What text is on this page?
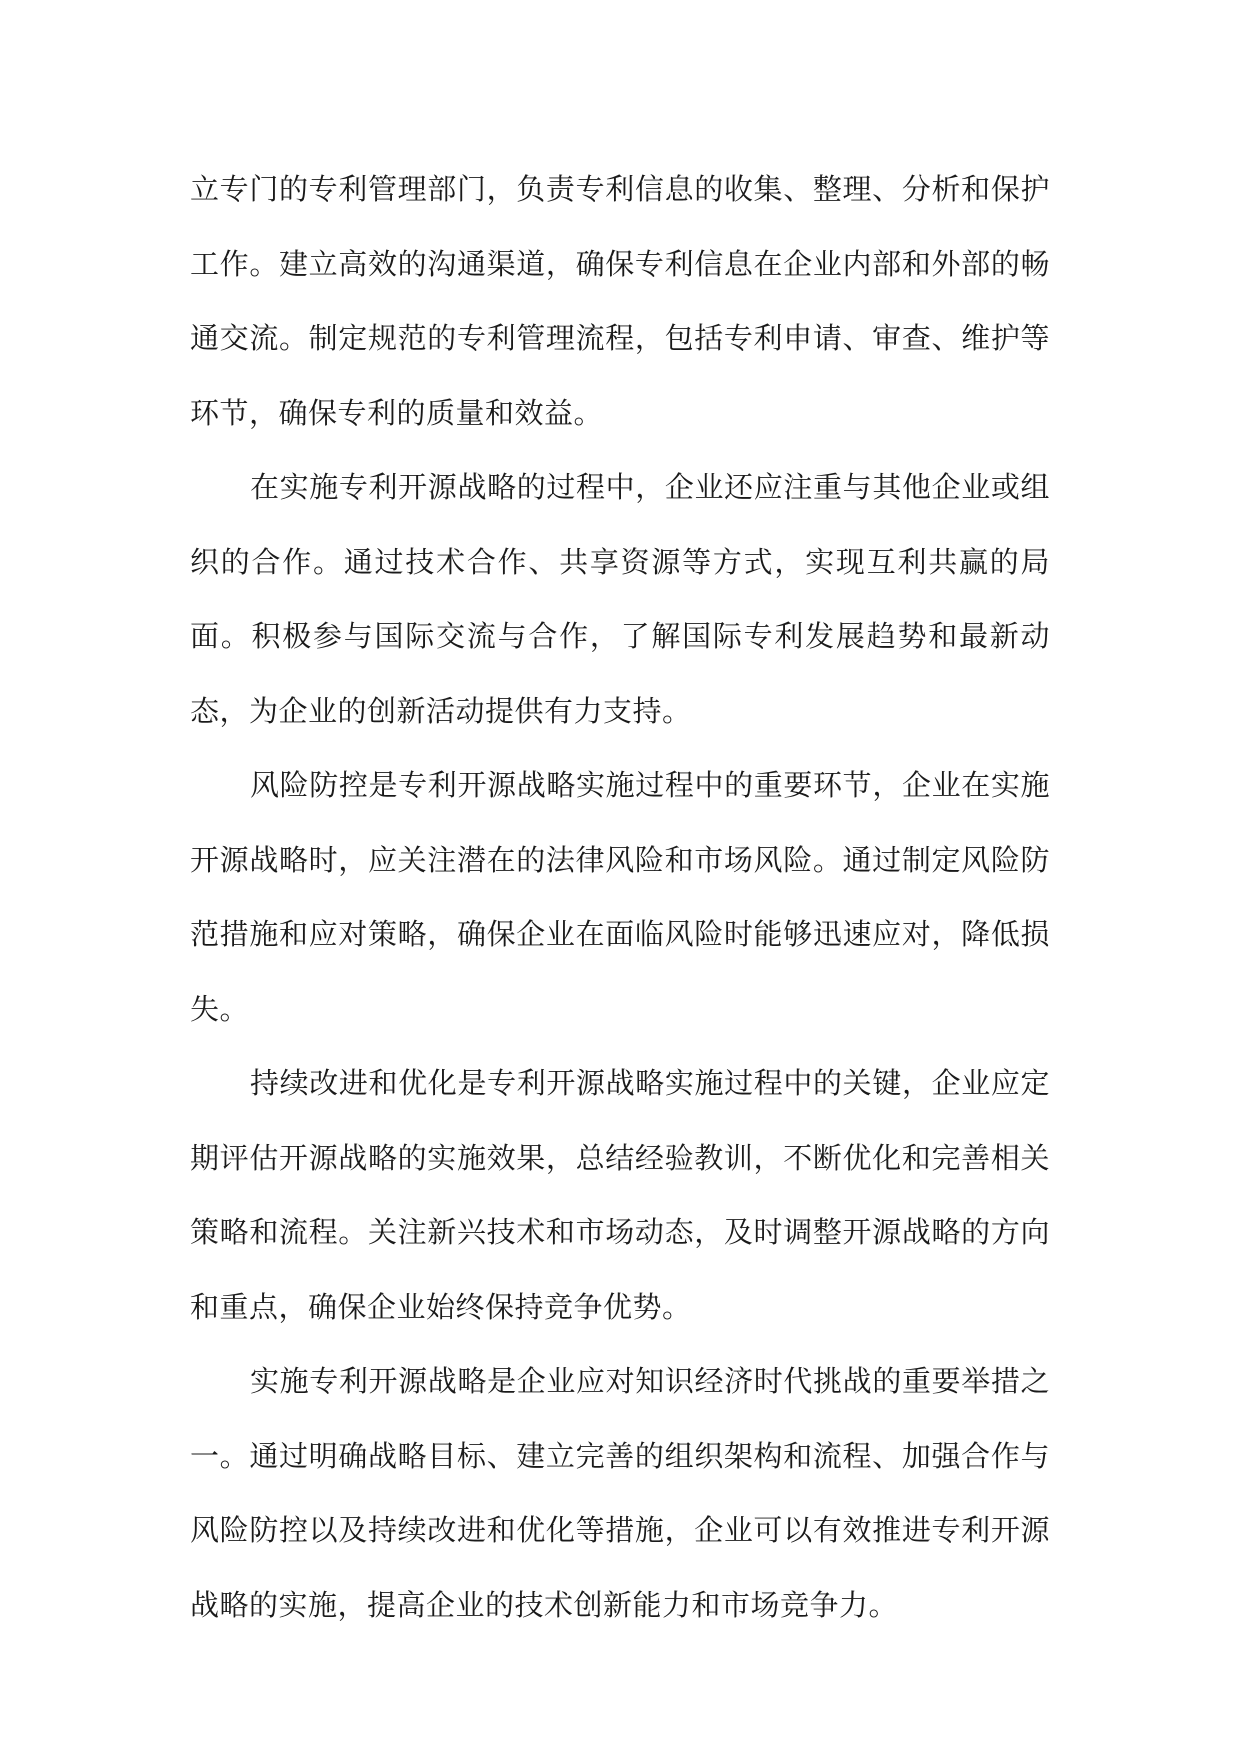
立专门的专利管理部门，负责专利信息的收集、整理、分析和保护工作。建立高效的沟通渠道，确保专利信息在企业内部和外部的畅通交流。制定规范的专利管理流程，包括专利申请、审查、维护等环节，确保专利的质量和效益。

在实施专利开源战略的过程中，企业还应注重与其他企业或组织的合作。通过技术合作、共享资源等方式，实现互利共赢的局面。积极参与国际交流与合作，了解国际专利发展趋势和最新动态，为企业的创新活动提供有力支持。

风险防控是专利开源战略实施过程中的重要环节，企业在实施开源战略时，应关注潜在的法律风险和市场风险。通过制定风险防范措施和应对策略，确保企业在面临风险时能够迅速应对，降低损失。

持续改进和优化是专利开源战略实施过程中的关键，企业应定期评估开源战略的实施效果，总结经验教训，不断优化和完善相关策略和流程。关注新兴技术和市场动态，及时调整开源战略的方向和重点，确保企业始终保持竞争优势。

实施专利开源战略是企业应对知识经济时代挑战的重要举措之一。通过明确战略目标、建立完善的组织架构和流程、加强合作与风险防控以及持续改进和优化等措施，企业可以有效推进专利开源战略的实施，提高企业的技术创新能力和市场竞争力。
